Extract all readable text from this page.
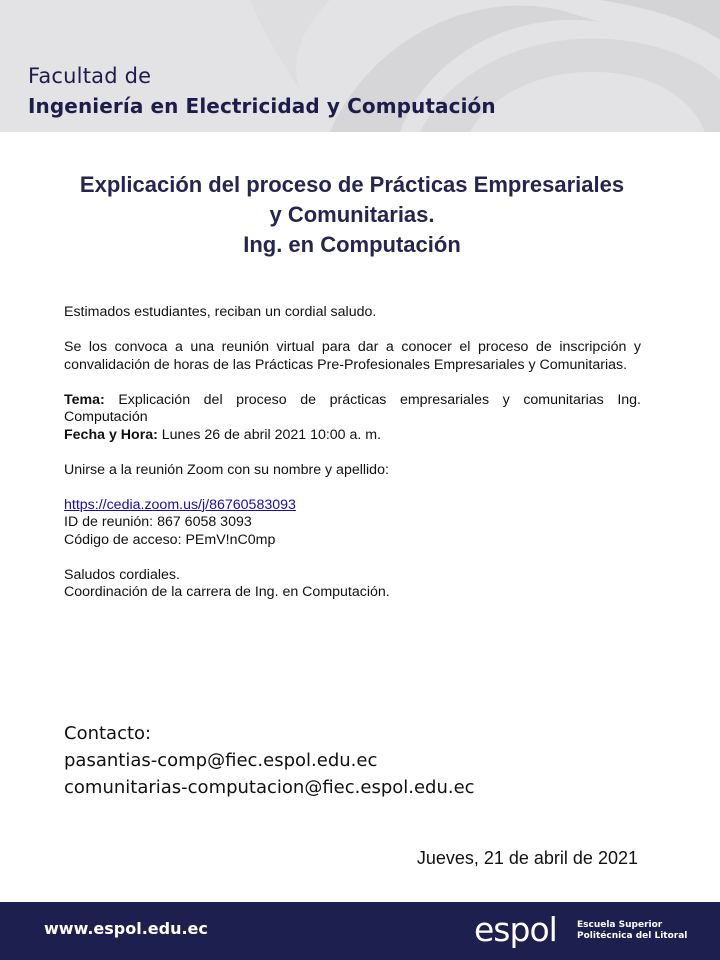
Facultad de
Ingeniería en Electricidad y Computación
Explicación del proceso de Prácticas Empresariales
y Comunitarias.
Ing. en Computación

Estimados estudiantes, reciban un cordial saludo.

Se los convoca a una reunión virtual para dar a conocer el proceso de inscripción y convalidación de horas de las Prácticas Pre-Profesionales Empresariales y Comunitarias.

Tema: Explicación del proceso de prácticas empresariales y comunitarias Ing. Computación

Fecha y Hora: Lunes 26 de abril 2021 10:00 a. m.

Unirse a la reunión Zoom con su nombre y apellido:

https://cedia.zoom.us/j/86760583093

ID de reunión: 867 6058 3093

Código de acceso: PEmV!nC0mp

Saludos cordiales.

Coordinación de la carrera de Ing. en Computación.

Contacto:
pasantias-comp@fiec.espol.edu.ec
comunitarias-computacion@fiec.espol.edu.ec
Jueves, 21 de abril de 2021
www.espol.edu.ec	espol Escuela Superior
Politécnica del Litoral
